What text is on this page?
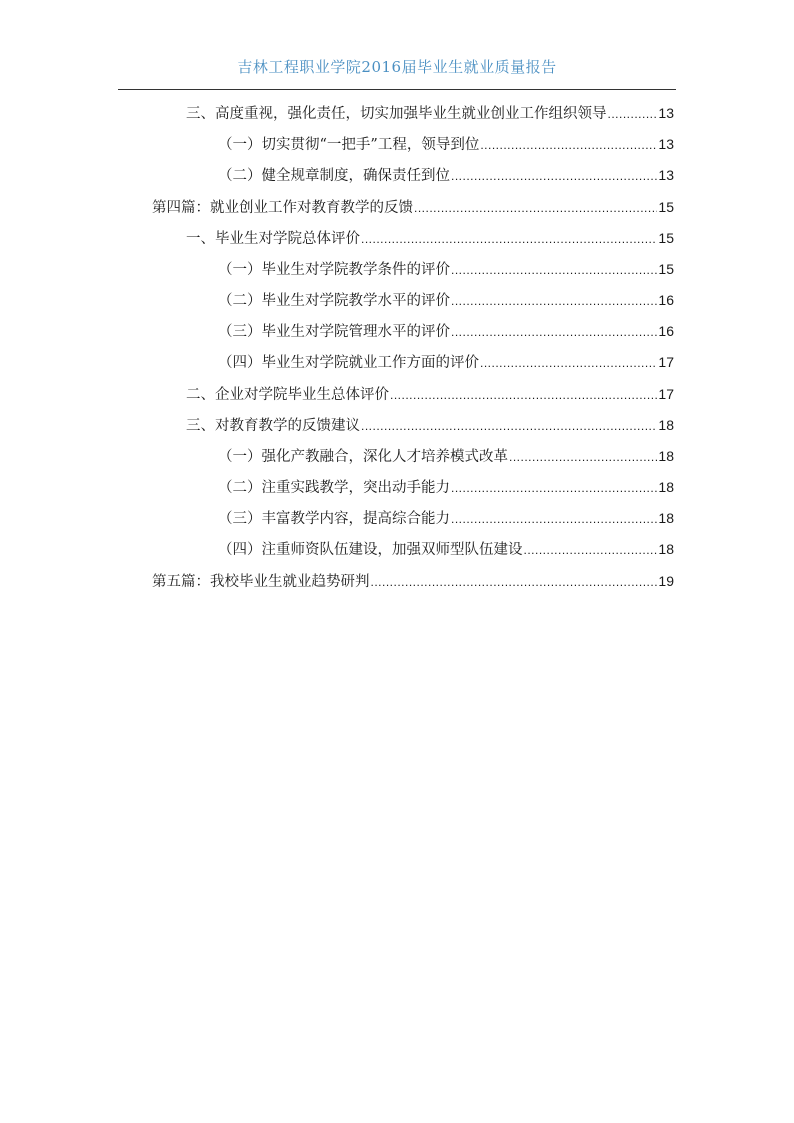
吉林工程职业学院2016届毕业生就业质量报告
三、高度重视，强化责任，切实加强毕业生就业创业工作组织领导 .....	13
（一）切实贯彻“一把手”工程，领导到位 .....	13
（二）健全规章制度，确保责任到位 .....	13
第四篇：就业创业工作对教育教学的反馈 .....	15
一、毕业生对学院总体评价 .....	15
（一）毕业生对学院教学条件的评价 .....	15
（二）毕业生对学院教学水平的评价 .....	16
（三）毕业生对学院管理水平的评价 .....	16
（四）毕业生对学院就业工作方面的评价 .....	17
二、企业对学院毕业生总体评价 .....	17
三、对教育教学的反馈建议 .....	18
（一）强化产教融合，深化人才培养模式改革 .....	18
（二）注重实践教学，突出动手能力 .....	18
（三）丰富教学内容，提高综合能力 .....	18
（四）注重师资队伍建设，加强双师型队伍建设 .....	18
第五篇：我校毕业生就业趋势研判 .....	19
